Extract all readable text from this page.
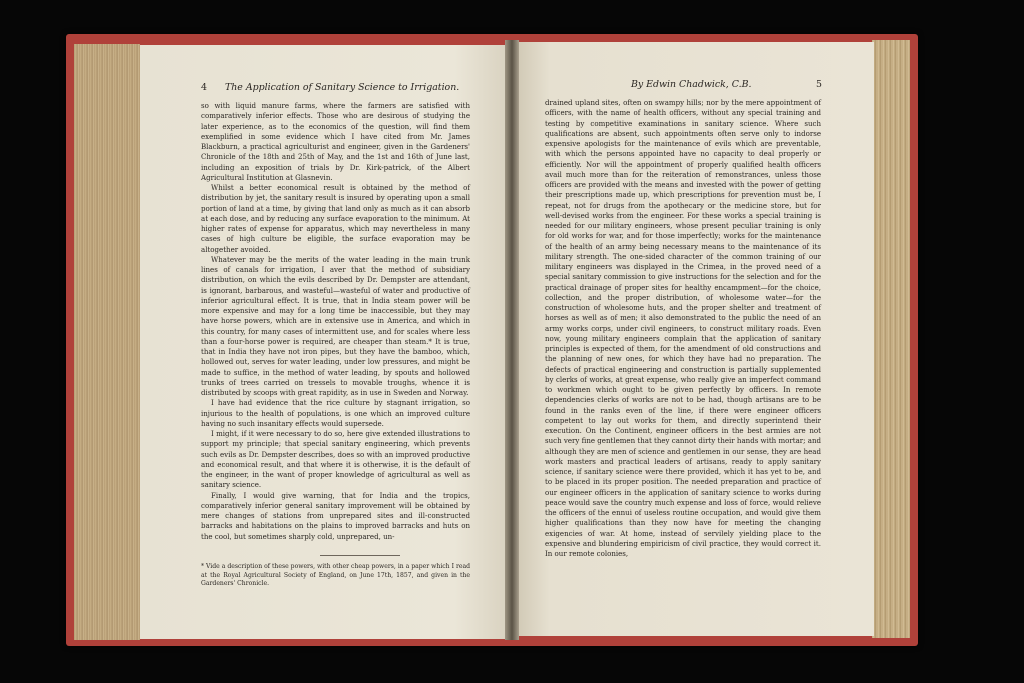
4 The Application of Sanitary Science to Irrigation.

so with liquid manure farms, where the farmers are satisfied with comparatively inferior effects. Those who are desirous of studying the later experience, as to the economics of the question, will find them exemplified in some evidence which I have cited from Mr. James Blackburn, a practical agriculturist and engineer, given in the Gardeners' Chronicle of the 18th and 25th of May, and the 1st and 16th of June last, including an exposition of trials by Dr. Kirk-patrick, of the Albert Agricultural Institution at Glasnevin.

Whilst a better economical result is obtained by the method of distribution by jet, the sanitary result is insured by operating upon a small portion of land at a time, by giving that land only as much as it can absorb at each dose, and by reducing any surface evaporation to the minimum. At higher rates of expense for apparatus, which may nevertheless in many cases of high culture be eligible, the surface evaporation may be altogether avoided.

Whatever may be the merits of the water leading in the main trunk lines of canals for irrigation, I aver that the method of subsidiary distribution, on which the evils described by Dr. Dempster are attendant, is ignorant, barbarous, and wasteful—wasteful of water and productive of inferior agricultural effect. It is true, that in India steam power will be more expensive and may for a long time be inaccessible, but they may have horse powers, which are in extensive use in America, and which in this country, for many cases of intermittent use, and for scales where less than a four-horse power is required, are cheaper than steam.* It is true, that in India they have not iron pipes, but they have the bamboo, which, hollowed out, serves for water leading, under low pressures, and might be made to suffice, in the method of water leading, by spouts and hollowed trunks of trees carried on tressels to movable troughs, whence it is distributed by scoops with great rapidity, as in use in Sweden and Norway.

I have had evidence that the rice culture by stagnant irrigation, so injurious to the health of populations, is one which an improved culture having no such insanitary effects would supersede.

I might, if it were necessary to do so, here give extended illustrations to support my principle; that special sanitary engineering, which prevents such evils as Dr. Dempster describes, does so with an improved productive and economical result, and that where it is otherwise, it is the default of the engineer, in the want of proper knowledge of agricultural as well as sanitary science.

Finally, I would give warning, that for India and the tropics, comparatively inferior general sanitary improvement will be obtained by mere changes of stations from unprepared sites and ill-constructed barracks and habitations on the plains to improved barracks and huts on the cool, but sometimes sharply cold, unprepared, un-

* Vide a description of these powers, with other cheap powers, in a paper which I read at the Royal Agricultural Society of England, on June 17th, 1857, and given in the Gardeners' Chronicle.
By Edwin Chadwick, C.B.	5

drained upland sites, often on swampy hills; nor by the mere appointment of officers, with the name of health officers, without any special training and testing by competitive examinations in sanitary science. Where such qualifications are absent, such appointments often serve only to indorse expensive apologists for the maintenance of evils which are preventable, with which the persons appointed have no capacity to deal properly or efficiently. Nor will the appointment of properly qualified health officers avail much more than for the reiteration of remonstrances, unless those officers are provided with the means and invested with the power of getting their prescriptions made up, which prescriptions for prevention must be, I repeat, not for drugs from the apothecary or the medicine store, but for well-devised works from the engineer. For these works a special training is needed for our military engineers, whose present peculiar training is only for old works for war, and for those imperfectly; works for the maintenance of the health of an army being necessary means to the maintenance of its military strength. The one-sided character of the common training of our military engineers was displayed in the Crimea, in the proved need of a special sanitary commission to give instructions for the selection and for the practical drainage of proper sites for healthy encampment—for the choice, collection, and the proper distribution, of wholesome water—for the construction of wholesome huts, and the proper shelter and treatment of horses as well as of men; it also demonstrated to the public the need of an army works corps, under civil engineers, to construct military roads. Even now, young military engineers complain that the application of sanitary principles is expected of them, for the amendment of old constructions and the planning of new ones, for which they have had no preparation. The defects of practical engineering and construction is partially supplemented by clerks of works, at great expense, who really give an imperfect command to workmen which ought to be given perfectly by officers. In remote dependencies clerks of works are not to be had, though artisans are to be found in the ranks even of the line, if there were engineer officers competent to lay out works for them, and directly superintend their execution. On the Continent, engineer officers in the best armies are not such very fine gentlemen that they cannot dirty their hands with mortar; and although they are men of science and gentlemen in our sense, they are head work masters and practical leaders of artisans, ready to apply sanitary science, if sanitary science were there provided, which it has yet to be, and to be placed in its proper position. The needed preparation and practice of our engineer officers in the application of sanitary science to works during peace would save the country much expense and loss of force, would relieve the officers of the ennui of useless routine occupation, and would give them higher qualifications than they now have for meeting the changing exigencies of war. At home, instead of servilely yielding place to the expensive and blundering empiricism of civil practice, they would correct it. In our remote colonies,
